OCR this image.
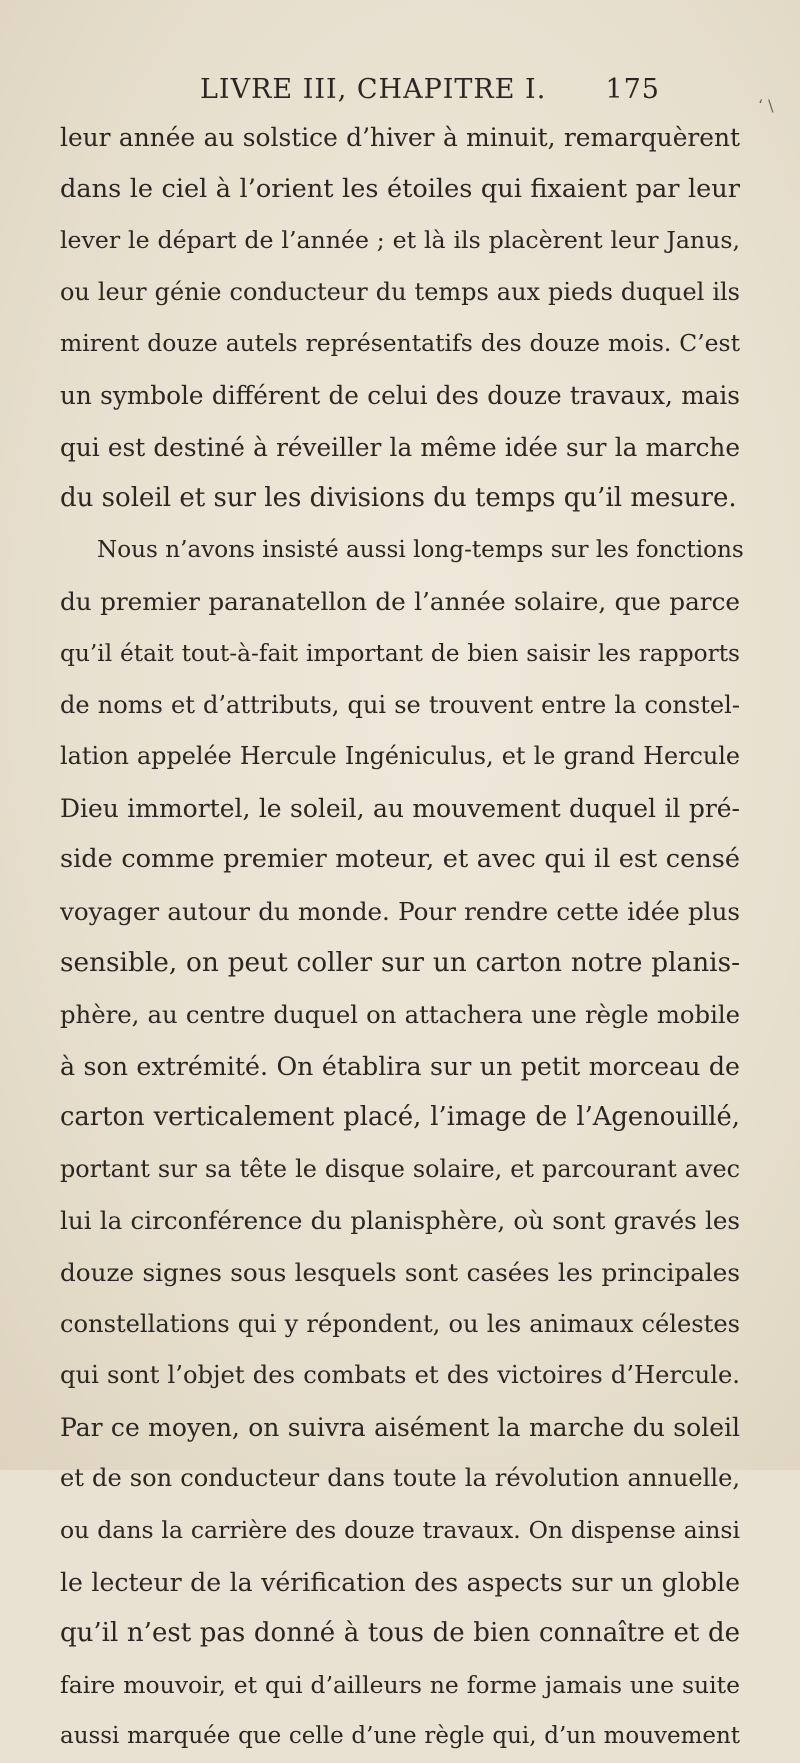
LIVRE III, CHAPITRE I. 175
‘ \
leur année au solstice d’hiver à minuit, remarquèrent
dans le ciel à l’orient les étoiles qui fixaient par leur
lever le départ de l’année ; et là ils placèrent leur Janus,
ou leur génie conducteur du temps aux pieds duquel ils
mirent douze autels représentatifs des douze mois. C’est
un symbole différent de celui des douze travaux, mais
qui est destiné à réveiller la même idée sur la marche
du soleil et sur les divisions du temps qu’il mesure.
Nous n’avons insisté aussi long-temps sur les fonctions
du premier paranatellon de l’année solaire, que parce
qu’il était tout-à-fait important de bien saisir les rapports
de noms et d’attributs, qui se trouvent entre la constel-
lation appelée Hercule Ingéniculus, et le grand Hercule
Dieu immortel, le soleil, au mouvement duquel il pré-
side comme premier moteur, et avec qui il est censé
voyager autour du monde. Pour rendre cette idée plus
sensible, on peut coller sur un carton notre planis-
phère, au centre duquel on attachera une règle mobile
à son extrémité. On établira sur un petit morceau de
carton verticalement placé, l’image de l’Agenouillé,
portant sur sa tête le disque solaire, et parcourant avec
lui la circonférence du planisphère, où sont gravés les
douze signes sous lesquels sont casées les principales
constellations qui y répondent, ou les animaux célestes
qui sont l’objet des combats et des victoires d’Hercule.
Par ce moyen, on suivra aisément la marche du soleil
et de son conducteur dans toute la révolution annuelle,
ou dans la carrière des douze travaux. On dispense ainsi
le lecteur de la vérification des aspects sur un globle
qu’il n’est pas donné à tous de bien connaître et de
faire mouvoir, et qui d’ailleurs ne forme jamais une suite
aussi marquée que celle d’une règle qui, d’un mouvement
